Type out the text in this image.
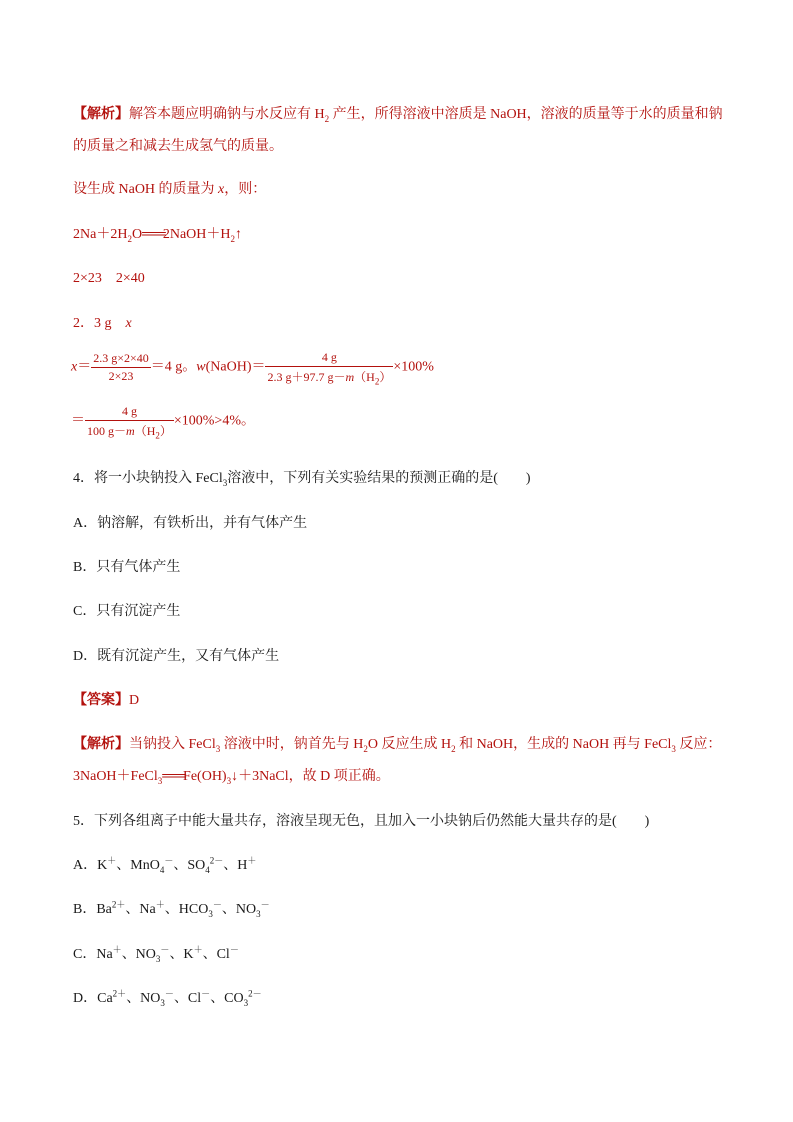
【解析】解答本题应明确钠与水反应有 $H_2$ 产生，所得溶液中溶质是 NaOH，溶液的质量等于水的质量和钠
的质量之和减去生成氢气的质量。
设生成 NaOH 的质量为 x，则：
$2Na+2H_2O═══2NaOH+H_2↑$
2×23　2×40
2．3 g　x
$x= \frac{2.3 g\times 2\times 40}{2\times 23} =4$ g。w(NaOH)＝ $\frac{4 g}{2.3 g+97.7 g-m(H_2)} \times 100\%$
＝ $\frac{4 g}{100 g-m(H_2)} \times 100\%>4\%$。
4．将一小块钠投入 FeCl$_3$溶液中，下列有关实验结果的预测正确的是(　　)
A．钠溶解，有铁析出，并有气体产生
B．只有气体产生
C．只有沉淀产生
D．既有沉淀产生，又有气体产生
【答案】D
【解析】当钠投入 FeCl$_3$ 溶液中时，钠首先与 $H_2O$ 反应生成 $H_2$ 和 NaOH，生成的 NaOH 再与 FeCl$_3$ 反应：
$3NaOH+FeCl_3═══Fe(OH)_3↓+3NaCl$，故 D 项正确。
5．下列各组离子中能大量共存，溶液呈现无色，且加入一小块钠后仍然能大量共存的是(　　)
A．K＋、MnO$_4$－、$SO_4^{2-}$、H＋
B．$Ba^{2+}$、Na＋、$HCO_3^-$、$NO_3^-$
C．Na＋、$NO_3^-$、K＋、Cl－
D．$Ca^{2+}$、$NO_3^-$、Cl－、$CO_3^{2-}$
